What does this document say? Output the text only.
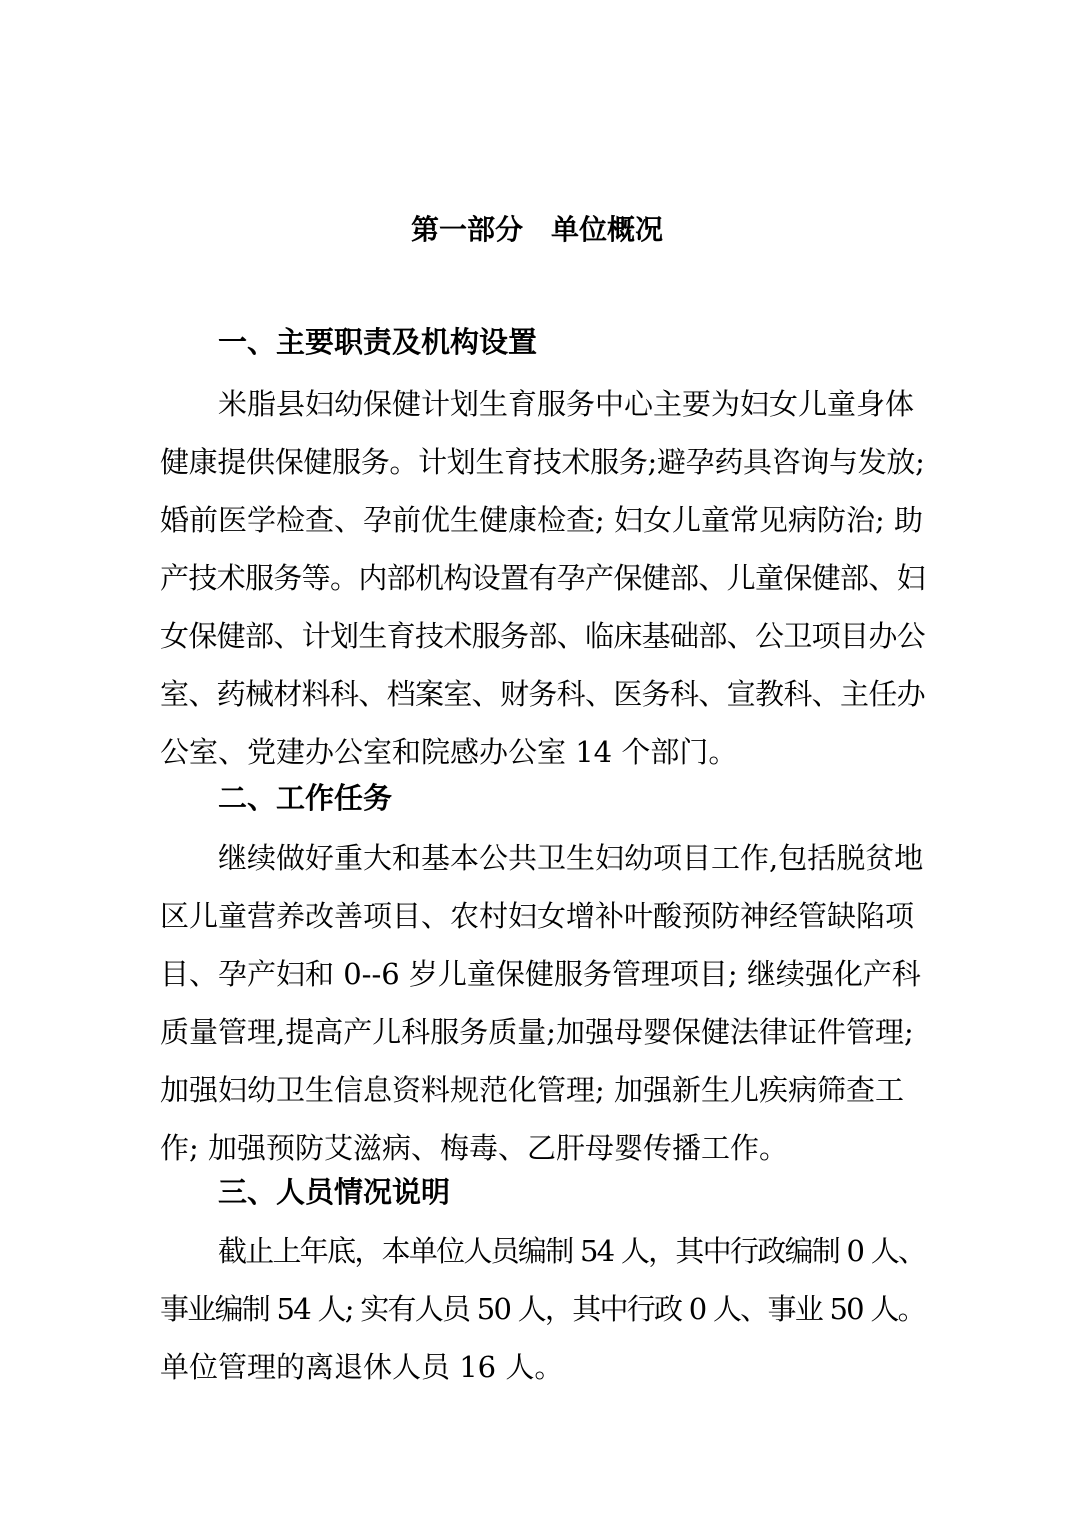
第一部分　单位概况
一、主要职责及机构设置
米脂县妇幼保健计划生育服务中心主要为妇女儿童身体
健康提供保健服务。计划生育技术服务;避孕药具咨询与发放;
婚前医学检查、孕前优生健康检查; 妇女儿童常见病防治; 助
产技术服务等。内部机构设置有孕产保健部、儿童保健部、妇
女保健部、计划生育技术服务部、临床基础部、公卫项目办公
室、药械材料科、档案室、财务科、医务科、宣教科、主任办
公室、党建办公室和院感办公室 14 个部门。
二、工作任务
继续做好重大和基本公共卫生妇幼项目工作,包括脱贫地
区儿童营养改善项目、农村妇女增补叶酸预防神经管缺陷项
目、孕产妇和 0--6 岁儿童保健服务管理项目; 继续强化产科
质量管理,提高产儿科服务质量;加强母婴保健法律证件管理;
加强妇幼卫生信息资料规范化管理; 加强新生儿疾病筛查工
作; 加强预防艾滋病、梅毒、乙肝母婴传播工作。
三、人员情况说明
截止上年底，本单位人员编制 54 人，其中行政编制 0 人、
事业编制 54 人; 实有人员 50 人，其中行政 0 人、事业 50 人。
单位管理的离退休人员 16 人。
